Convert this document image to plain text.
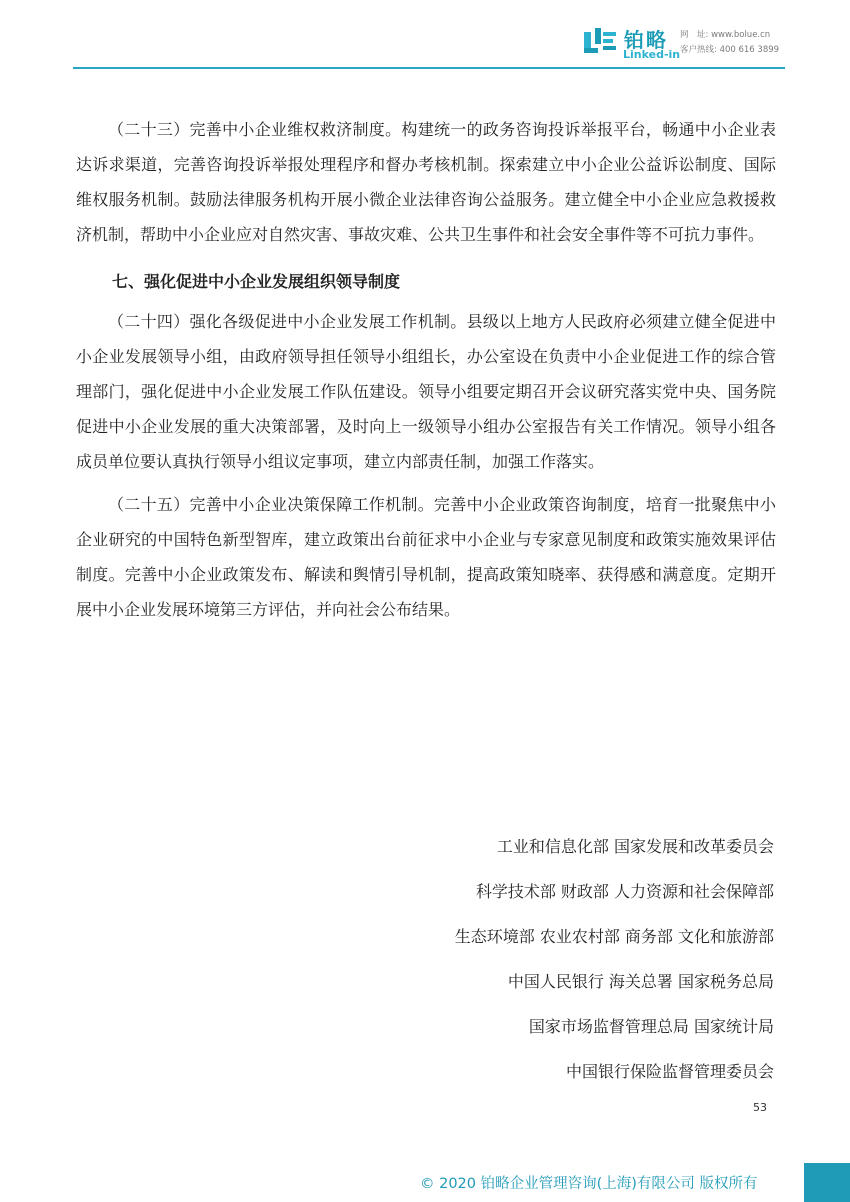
铂略
Linked-in
网　址: www.bolue.cn
客户热线: 400 616 3899

（二十三）完善中小企业维权救济制度。构建统一的政务咨询投诉举报平台，畅通中小企业表达诉求渠道，完善咨询投诉举报处理程序和督办考核机制。探索建立中小企业公益诉讼制度、国际维权服务机制。鼓励法律服务机构开展小微企业法律咨询公益服务。建立健全中小企业应急救援救济机制，帮助中小企业应对自然灾害、事故灾难、公共卫生事件和社会安全事件等不可抗力事件。

七、强化促进中小企业发展组织领导制度

（二十四）强化各级促进中小企业发展工作机制。县级以上地方人民政府必须建立健全促进中小企业发展领导小组，由政府领导担任领导小组组长，办公室设在负责中小企业促进工作的综合管理部门，强化促进中小企业发展工作队伍建设。领导小组要定期召开会议研究落实党中央、国务院促进中小企业发展的重大决策部署，及时向上一级领导小组办公室报告有关工作情况。领导小组各成员单位要认真执行领导小组议定事项，建立内部责任制，加强工作落实。

（二十五）完善中小企业决策保障工作机制。完善中小企业政策咨询制度，培育一批聚焦中小企业研究的中国特色新型智库，建立政策出台前征求中小企业与专家意见制度和政策实施效果评估制度。完善中小企业政策发布、解读和舆情引导机制，提高政策知晓率、获得感和满意度。定期开展中小企业发展环境第三方评估，并向社会公布结果。

工业和信息化部 国家发展和改革委员会
科学技术部 财政部 人力资源和社会保障部
生态环境部 农业农村部 商务部 文化和旅游部
中国人民银行 海关总署 国家税务总局
国家市场监督管理总局 国家统计局
中国银行保险监督管理委员会
53
© 2020 铂略企业管理咨询(上海)有限公司 版权所有
